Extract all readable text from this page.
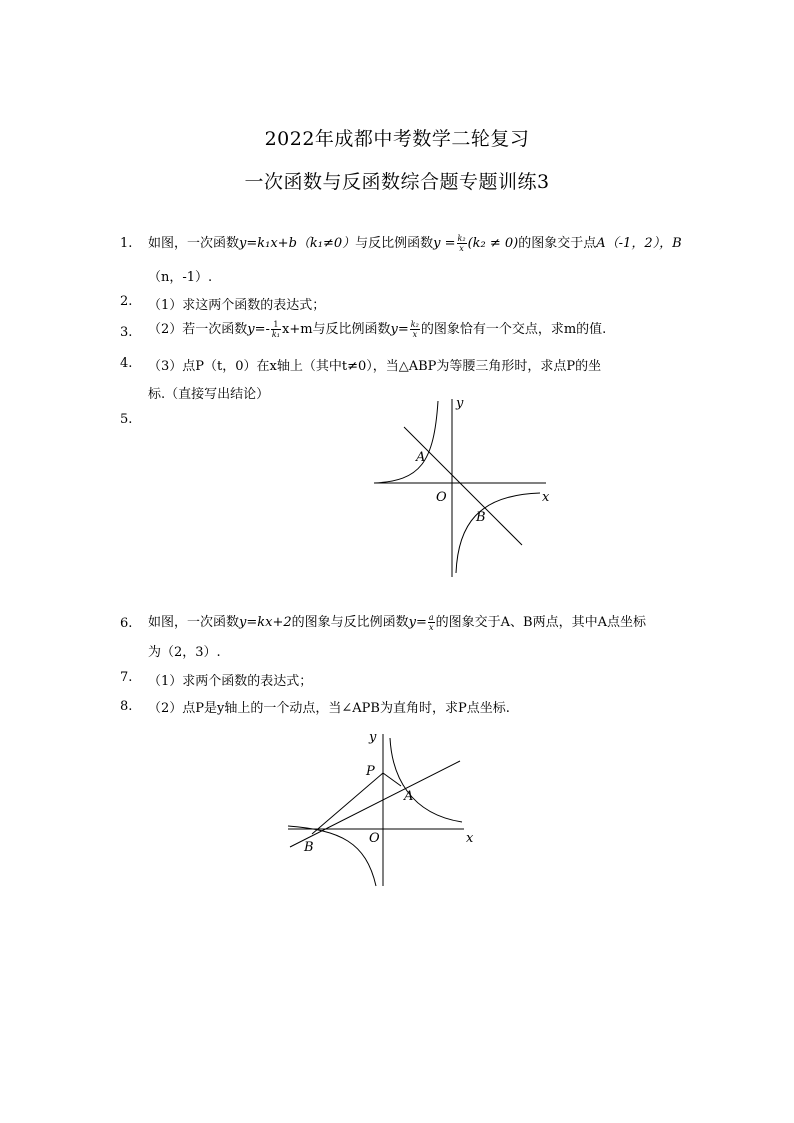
2022年成都中考数学二轮复习
一次函数与反函数综合题专题训练3
1. 如图，一次函数y=k₁x+b（k₁≠0）与反比例函数$y = \frac{\text{k₂}}{x} (k_2 \ne 0)$的图象交于点A（-1，2），B
（n，-1）.
2. （1）求这两个函数的表达式；
3. （2）若一次函数$y=- \frac{1}{\text{k₁}} x+m$与反比例函数$y= \frac{\text{k₂}}{x}$ 的图象恰有一个交点，求m的值.
4. （3）点P（t，0）在x轴上（其中t≠0），当△ABP为等腰三角形时，求点P的坐
标.（直接写出结论）
5.
y
x
O
A
B
6. 如图，一次函数y=kx+2的图象与反比例函数$y= \frac{a}{x}$ 的图象交于A、B两点，其中A点坐标
为（2，3）.
7. （1）求两个函数的表达式；
8. （2）点P是y轴上的一个动点，当∠APB为直角时，求P点坐标.
y
x
O
P
A
B
